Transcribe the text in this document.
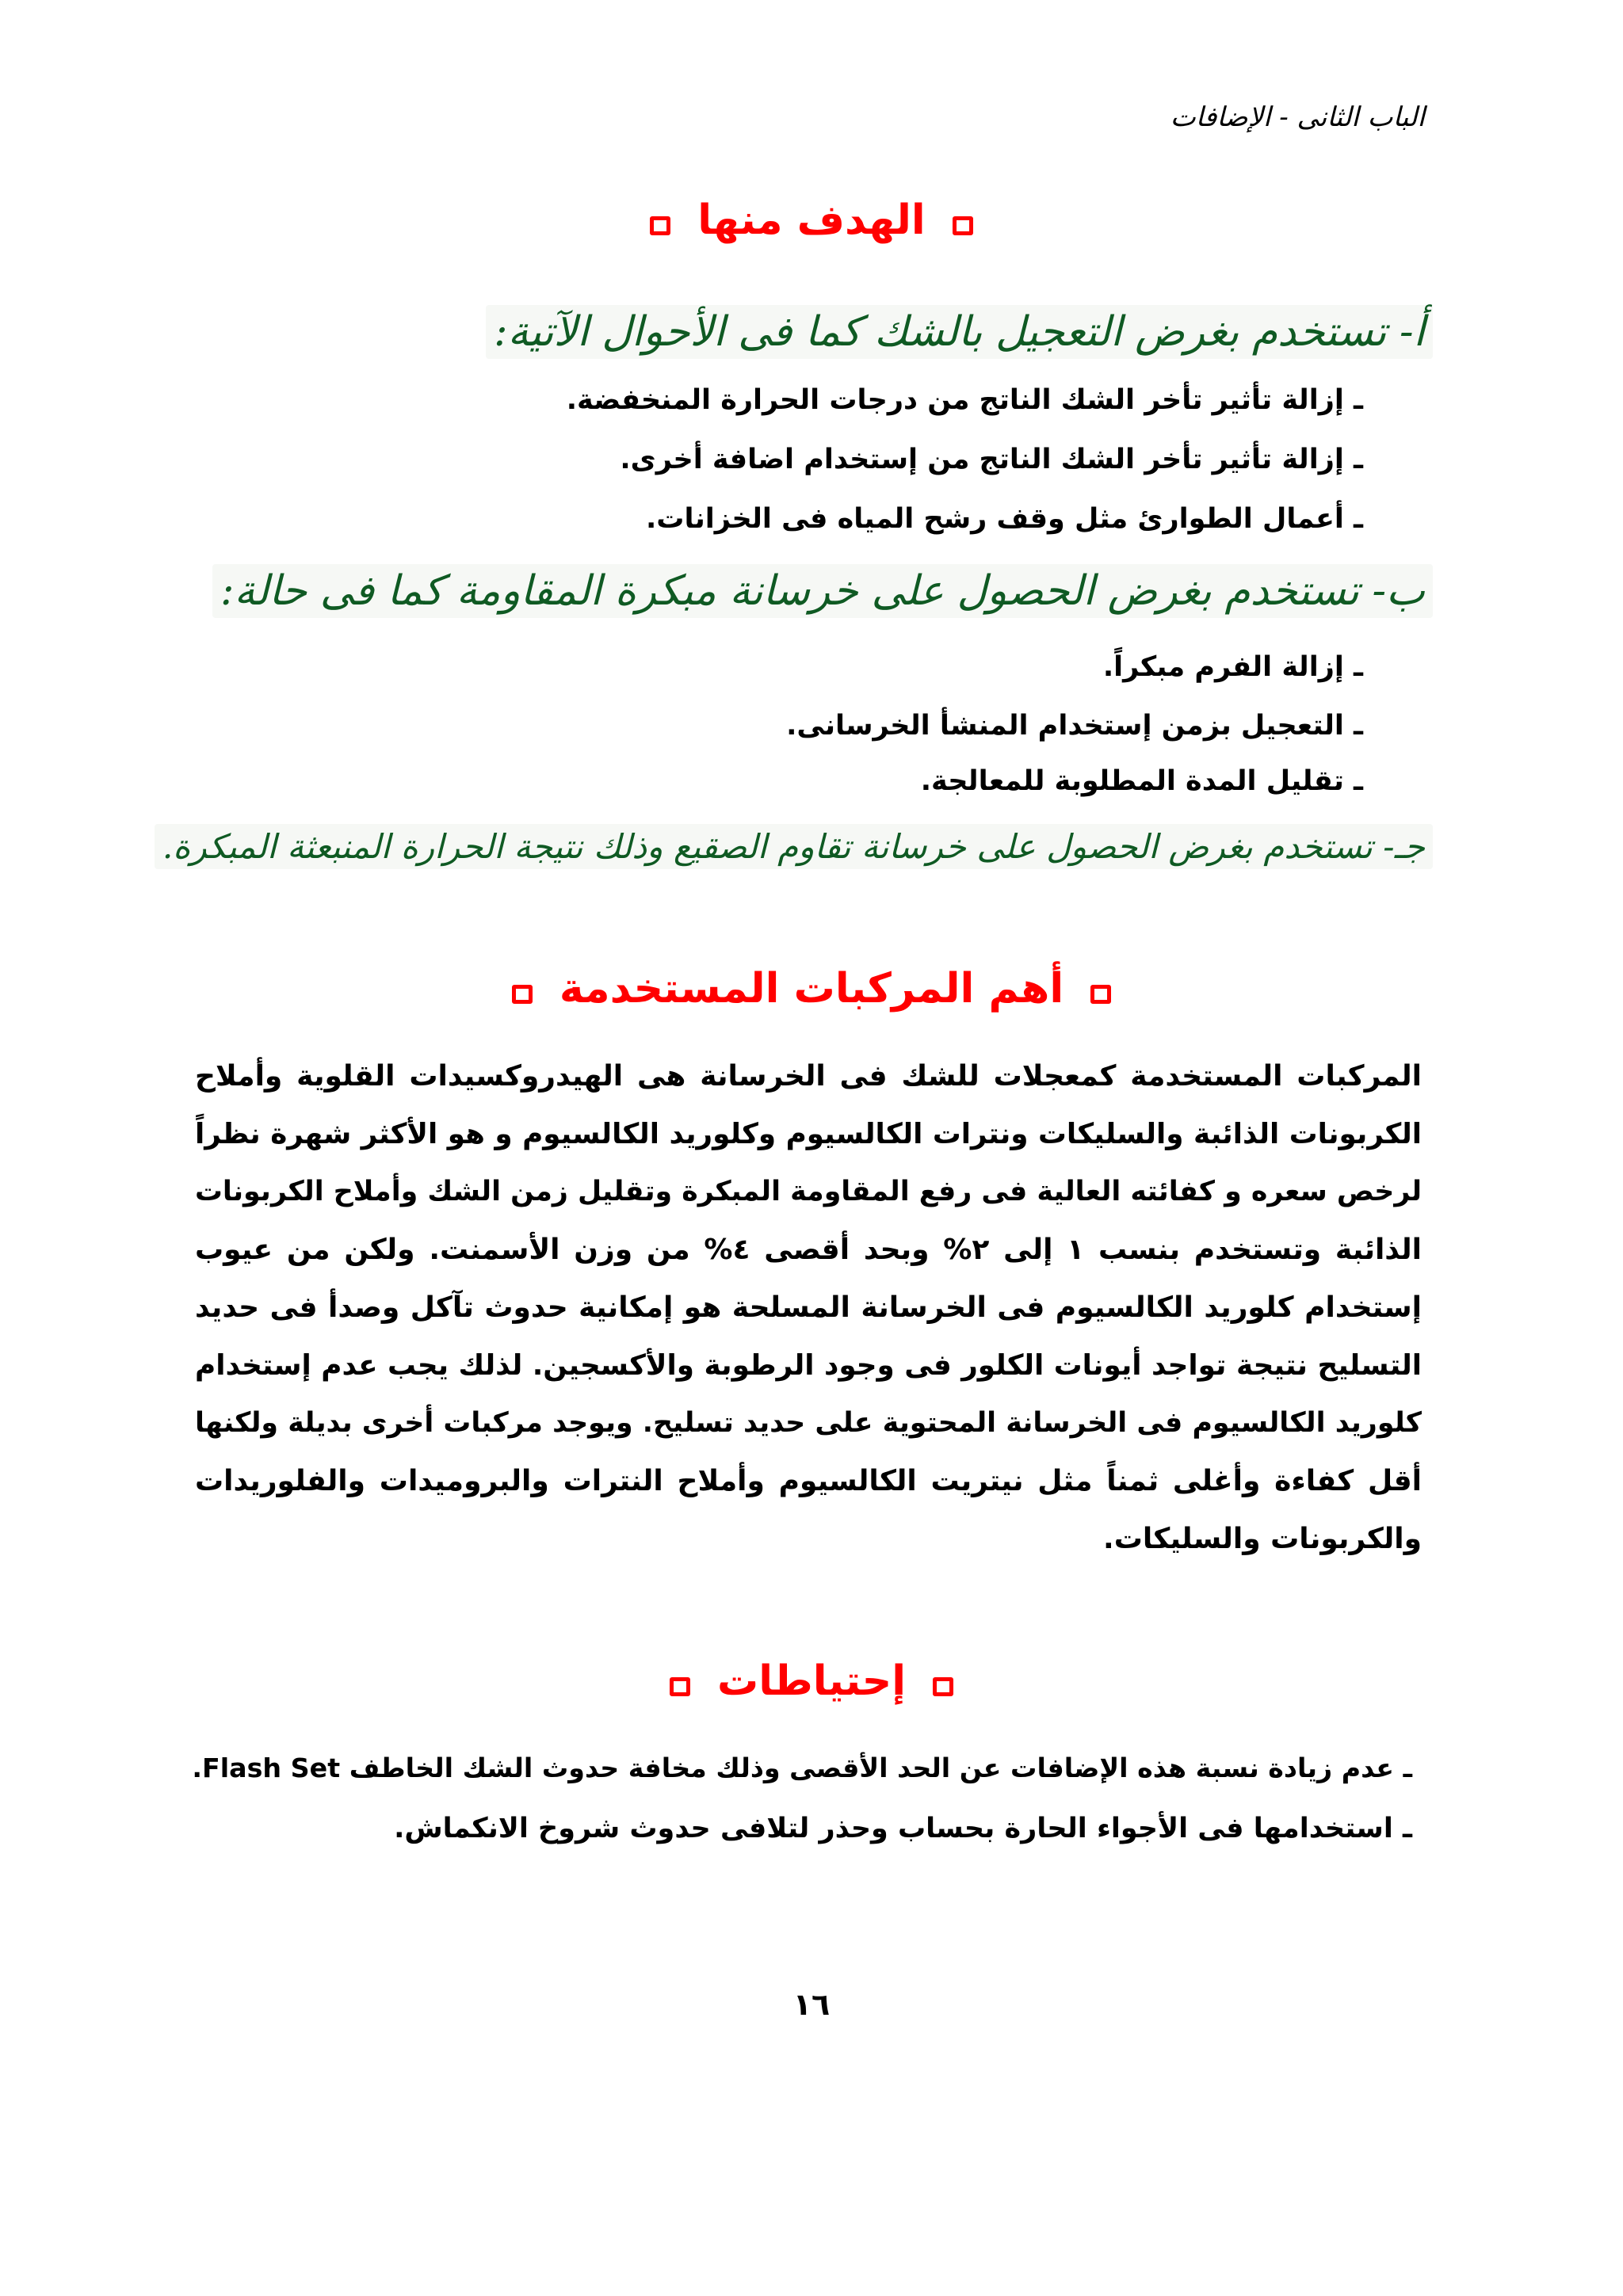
الباب الثانى - الإضافات
الهدف منها
أ- تستخدم بغرض التعجيل بالشك كما فى الأحوال الآتية:
ـ إزالة تأثير تأخر الشك الناتج من درجات الحرارة المنخفضة.
ـ إزالة تأثير تأخر الشك الناتج من إستخدام اضافة أخرى.
ـ أعمال الطوارئ مثل وقف رشح المياه فى الخزانات.
ب- تستخدم بغرض الحصول على خرسانة مبكرة المقاومة كما فى حالة:
ـ إزالة الفرم مبكراً.
ـ التعجيل بزمن إستخدام المنشأ الخرسانى.
ـ تقليل المدة المطلوبة للمعالجة.
جـ- تستخدم بغرض الحصول على خرسانة تقاوم الصقيع وذلك نتيجة الحرارة المنبعثة المبكرة.
أهم المركبات المستخدمة
المركبات المستخدمة كمعجلات للشك فى الخرسانة هى الهيدروكسيدات القلوية وأملاح
الكربونات الذائبة والسليكات ونترات الكالسيوم وكلوريد الكالسيوم و هو الأكثر شهرة نظراً
لرخص سعره و كفائته العالية فى رفع المقاومة المبكرة وتقليل زمن الشك وأملاح الكربونات
الذائبة وتستخدم بنسب ١ إلى ٢% وبحد أقصى ٤% من وزن الأسمنت. ولكن من عيوب
إستخدام كلوريد الكالسيوم فى الخرسانة المسلحة هو إمكانية حدوث تآكل وصدأ فى حديد
التسليح نتيجة تواجد أيونات الكلور فى وجود الرطوبة والأكسجين. لذلك يجب عدم إستخدام
كلوريد الكالسيوم فى الخرسانة المحتوية على حديد تسليح. ويوجد مركبات أخرى بديلة ولكنها
أقل كفاءة وأغلى ثمناً مثل نيتريت الكالسيوم وأملاح النترات والبروميدات والفلوريدات
والكربونات والسليكات.
إحتياطات
ـ عدم زيادة نسبة هذه الإضافات عن الحد الأقصى وذلك مخافة حدوث الشك الخاطف Flash Set.
ـ استخدامها فى الأجواء الحارة بحساب وحذر لتلافى حدوث شروخ الانكماش.
١٦
